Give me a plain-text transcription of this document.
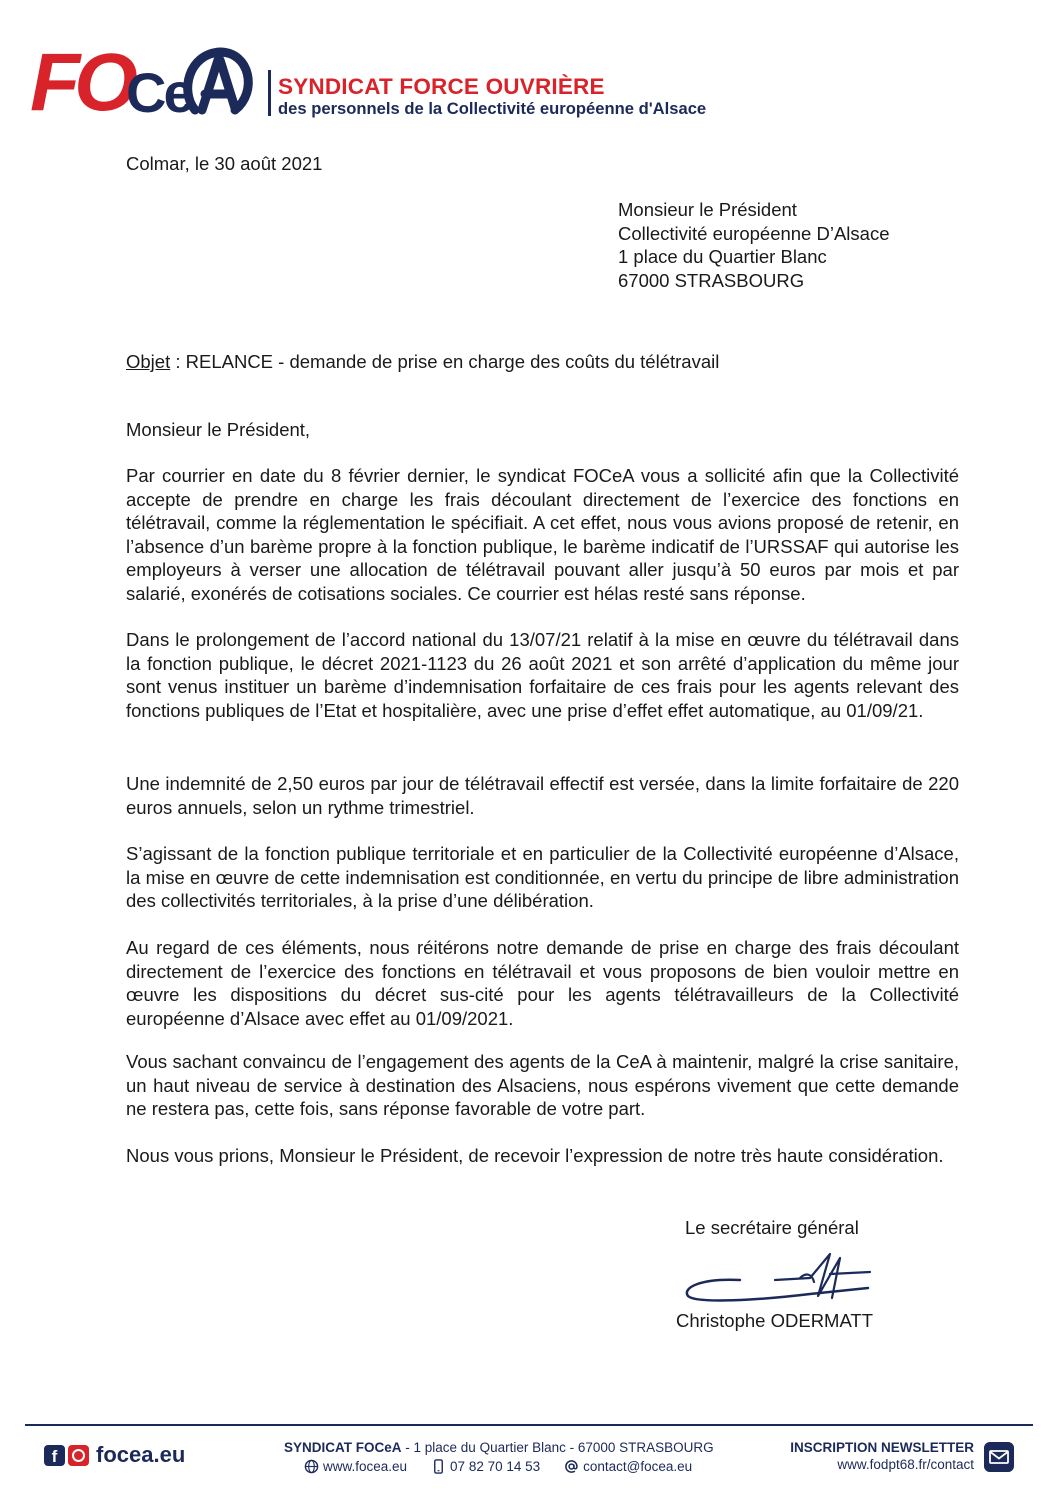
FO
Ce	SYNDICAT FORCE OUVRIÈRE
des personnels de la Collectivité européenne d'Alsace
Colmar, le 30 août 2021
Monsieur le Président
Collectivité européenne D’Alsace
1 place du Quartier Blanc
67000 STRASBOURG
Objet : RELANCE - demande de prise en charge des coûts du télétravail
Monsieur le Président,
Par courrier en date du 8 février dernier, le syndicat FOCeA vous a sollicité afin que la Collectivité accepte de prendre en charge les frais découlant directement de l’exercice des fonctions en télétravail, comme la réglementation le spécifiait. A cet effet, nous vous avions proposé de retenir, en l’absence d’un barème propre à la fonction publique, le barème indicatif de l’URSSAF qui autorise les employeurs à verser une allocation de télétravail pouvant aller jusqu’à 50 euros par mois et par salarié, exonérés de cotisations sociales. Ce courrier est hélas resté sans réponse.
Dans le prolongement de l’accord national du 13/07/21 relatif à la mise en œuvre du télétravail dans la fonction publique, le décret 2021-1123 du 26 août 2021 et son arrêté d’application du même jour sont venus instituer un barème d’indemnisation forfaitaire de ces frais pour les agents relevant des fonctions publiques de l’Etat et hospitalière, avec une prise d’effet effet automatique, au 01/09/21.
Une indemnité de 2,50 euros par jour de télétravail effectif est versée, dans la limite forfaitaire de 220 euros annuels, selon un rythme trimestriel.
S’agissant de la fonction publique territoriale et en particulier de la Collectivité européenne d’Alsace, la mise en œuvre de cette indemnisation est conditionnée, en vertu du principe de libre administration des collectivités territoriales, à la prise d’une délibération.
Au regard de ces éléments, nous réitérons notre demande de prise en charge des frais découlant directement de l’exercice des fonctions en télétravail et vous proposons de bien vouloir mettre en œuvre les dispositions du décret sus-cité pour les agents télétravailleurs de la Collectivité européenne d’Alsace avec effet au 01/09/2021.
Vous sachant convaincu de l’engagement des agents de la CeA à maintenir, malgré la crise sanitaire, un haut niveau de service à destination des Alsaciens, nous espérons vivement que cette demande ne restera pas, cette fois, sans réponse favorable de votre part.
Nous vous prions, Monsieur le Président, de recevoir l’expression de notre très haute considération.
Le secrétaire général
Christophe ODERMATT
f	focea.eu	SYNDICAT FOCeA - 1 place du Quartier Blanc - 67000 STRASBOURG
www.focea.eu	07 82 70 14 53	contact@focea.eu
INSCRIPTION NEWSLETTER
www.fodpt68.fr/contact
